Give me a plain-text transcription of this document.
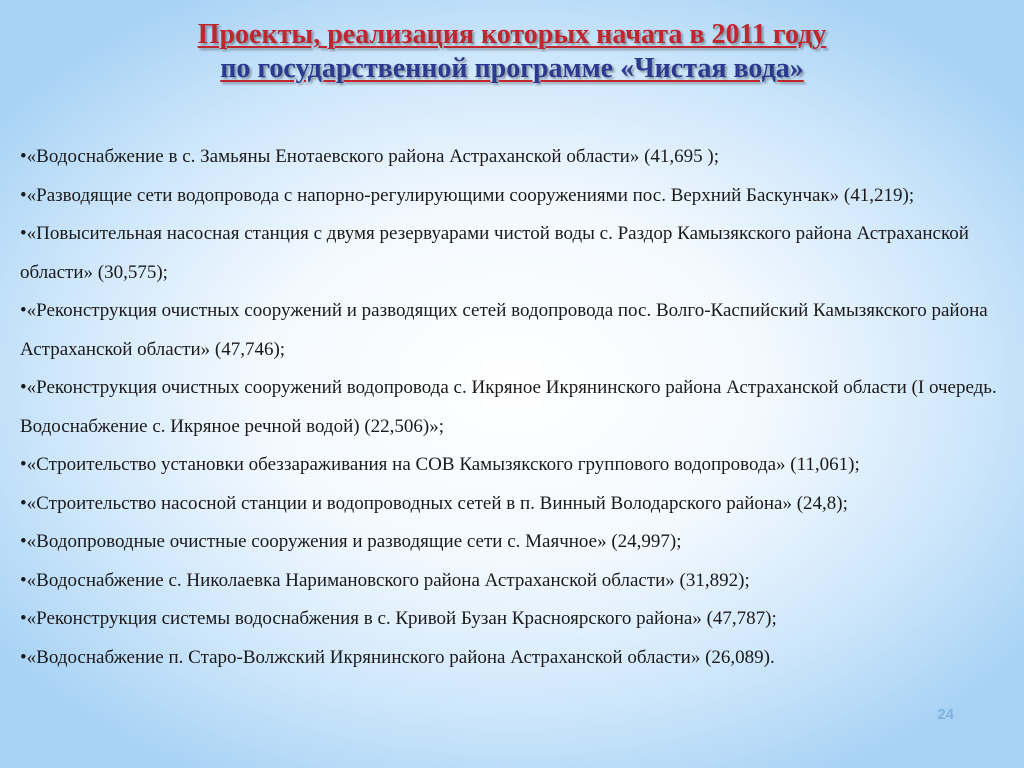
Проекты, реализация которых начата в 2011 году
по государственной программе «Чистая вода»
•«Водоснабжение в с. Замьяны Енотаевского района Астраханской области» (41,695 );
•«Разводящие сети водопровода с напорно-регулирующими сооружениями пос. Верхний Баскунчак» (41,219);
•«Повысительная насосная станция с двумя резервуарами чистой воды с. Раздор Камызякского района Астраханской области» (30,575);
•«Реконструкция очистных сооружений и разводящих сетей водопровода пос. Волго-Каспийский Камызякского района Астраханской области» (47,746);
•«Реконструкция очистных сооружений водопровода с. Икряное Икрянинского района Астраханской области (I очередь. Водоснабжение с. Икряное речной водой) (22,506)»;
•«Строительство установки обеззараживания на СОВ Камызякского группового водопровода» (11,061);
•«Строительство насосной станции и водопроводных сетей в п. Винный Володарского района» (24,8);
•«Водопроводные очистные сооружения и разводящие сети с. Маячное» (24,997);
•«Водоснабжение с. Николаевка Наримановского района Астраханской области» (31,892);
•«Реконструкция системы водоснабжения в с. Кривой Бузан Красноярского района» (47,787);
•«Водоснабжение п. Старо-Волжский Икрянинского района Астраханской области» (26,089).
24
